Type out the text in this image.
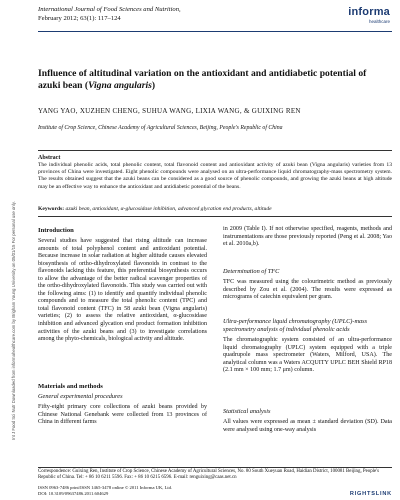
International Journal of Food Sciences and Nutrition,
February 2012; 63(1): 117–124
informa
healthcare
Int J Food Sci Nutr Downloaded from informahealthcare.com by Brigham Young University on 05/01/15 For personal use only.
Influence of altitudinal variation on the antioxidant and antidiabetic potential of azuki bean (Vigna angularis)
YANG YAO, XUZHEN CHENG, SUHUA WANG, LIXIA WANG, & GUIXING REN
Institute of Crop Science, Chinese Academy of Agricultural Sciences, Beijing, People's Republic of China
Abstract
The individual phenolic acids, total phenolic content, total flavonoid content and antioxidant activity of azuki bean (Vigna angularis) varieties from 13 provinces of China were investigated. Eight phenolic compounds were analysed on an ultra-performance liquid chromatography-mass spectrometry system. The results obtained suggest that the azuki beans can be considered as a good source of phenolic compounds, and growing the azuki beans at high altitude may be an effective way to enhance the antioxidant and antidiabetic potential of the beans.
Keywords: azuki bean, antioxidant, α-glucosidase inhibition, advanced glycation end products, altitude
Introduction
Several studies have suggested that rising altitude can increase amounts of total polyphenol content and antioxidant potential. Because increase in solar radiation at higher altitude causes elevated biosynthesis of ortho-dihydroxylated flavonoids in contrast to the flavonoids lacking this feature, this preferential biosynthesis occurs to allow the advantage of the better radical scavenger properties of the ortho-dihydroxylated flavonoids. This study was carried out with the following aims: (1) to identify and quantify individual phenolic compounds and to measure the total phenolic content (TPC) and total flavonoid content (TFC) in 58 azuki bean (Vigna angularis) varieties; (2) to assess the relative antioxidant, α-glucosidase inhibition and advanced glycation end product formation inhibition activities of the azuki beans and (3) to investigate correlations among the phyto-chemicals, biological activity and altitude.
Materials and methods
General experimental procedures
Fifty-eight primary core collections of azuki beans provided by Chinese National Genebank were collected from 13 provinces of China in different farms
in 2009 (Table I). If not otherwise specified, reagents, methods and instrumentations are those previously reported (Peng et al. 2008; Yao et al. 2010a,b).
Determination of TFC
TFC was measured using the colourimetric method as previously described by Zou et al. (2004). The results were expressed as micrograms of catechin equivalent per gram.
Ultra-performance liquid chromatography (UPLC)-mass spectrometry analysis of individual phenolic acids
The chromatographic system consisted of an ultra-performance liquid chromatography (UPLC) system equipped with a triple quadrupole mass spectrometer (Waters, Milford, USA). The analytical column was a Waters ACQUITY UPLC BEH Shield RP18 (2.1 mm × 100 mm; 1.7 μm) column.
Statistical analysis
All values were expressed as mean ± standard deviation (SD). Data were analysed using one-way analysis
Correspondence: Guixing Ren, Institute of Crop Science, Chinese Academy of Agricultural Sciences, No. 80 South Xueyuan Road, Haidian District, 100081 Beijing, People's Republic of China. Tel: + 86 10 6211 5596. Fax: + 86 10 6215 6596. E-mail: renguixing@caas.net.cn
ISSN 0963-7486 print/ISSN 1465-3478 online © 2011 Informa UK, Ltd.
DOI: 10.3109/09637486.2011.604629	RIGHTSLINK
